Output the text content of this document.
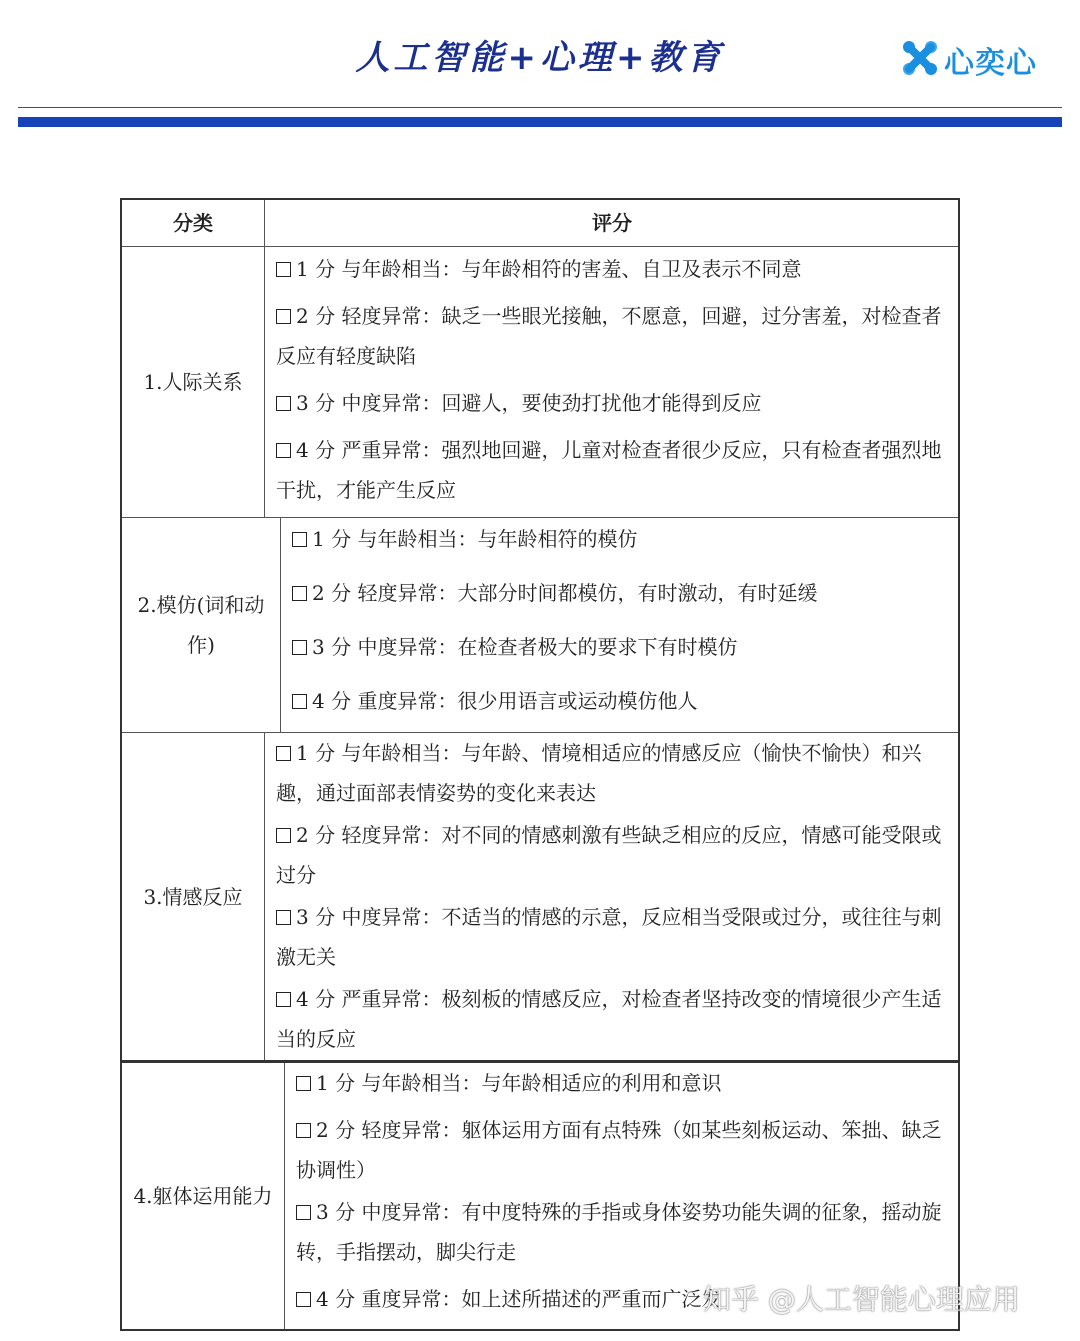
人工智能+心理+教育	心奕心
分类	评分
1.人际关系
1 分 与年龄相当：与年龄相符的害羞、自卫及表示不同意
2 分 轻度异常：缺乏一些眼光接触，不愿意，回避，过分害羞，对检查者反应有轻度缺陷
3 分 中度异常：回避人，要使劲打扰他才能得到反应
4 分 严重异常：强烈地回避，儿童对检查者很少反应，只有检查者强烈地干扰，才能产生反应
2.模仿(词和动作)
1 分 与年龄相当：与年龄相符的模仿
2 分 轻度异常：大部分时间都模仿，有时激动，有时延缓
3 分 中度异常：在检查者极大的要求下有时模仿
4 分 重度异常：很少用语言或运动模仿他人
3.情感反应
1 分 与年龄相当：与年龄、情境相适应的情感反应（愉快不愉快）和兴趣，通过面部表情姿势的变化来表达
2 分 轻度异常：对不同的情感刺激有些缺乏相应的反应，情感可能受限或过分
3 分 中度异常：不适当的情感的示意，反应相当受限或过分，或往往与刺激无关
4 分 严重异常：极刻板的情感反应，对检查者坚持改变的情境很少产生适当的反应
4.躯体运用能力
1 分 与年龄相当：与年龄相适应的利用和意识
2 分 轻度异常：躯体运用方面有点特殊（如某些刻板运动、笨拙、缺乏协调性）
3 分 中度异常：有中度特殊的手指或身体姿势功能失调的征象，摇动旋转，手指摆动，脚尖行走
4 分 重度异常：如上述所描述的严重而广泛发
知乎 @人工智能心理应用
